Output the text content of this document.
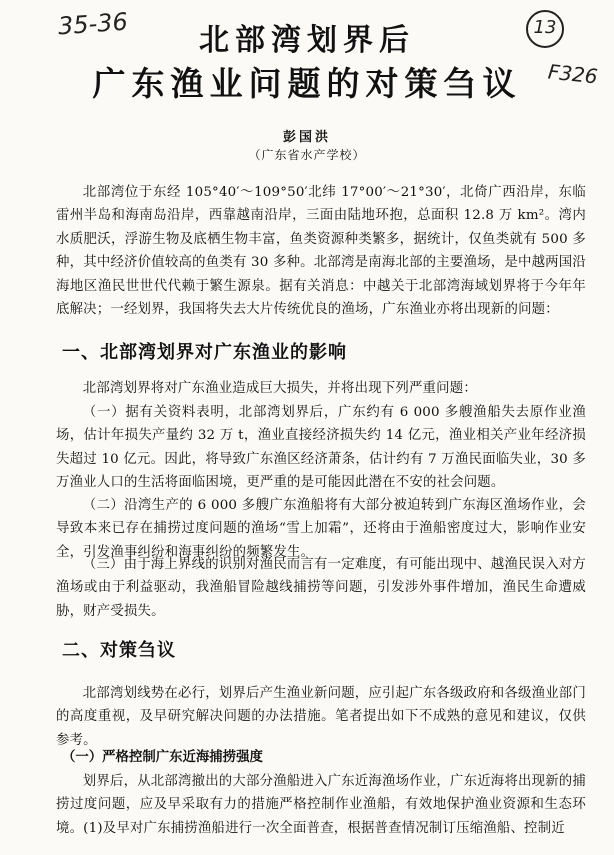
35-36	13
F326
北部湾划界后
广东渔业问题的对策刍议
彭国洪
（广东省水产学校）
北部湾位于东经 105°40′～109°50′北纬 17°00′～21°30′，北倚广西沿岸，东临雷州半岛和海南岛沿岸，西靠越南沿岸，三面由陆地环抱，总面积 12.8 万 km²。湾内水质肥沃，浮游生物及底栖生物丰富，鱼类资源种类繁多，据统计，仅鱼类就有 500 多种，其中经济价值较高的鱼类有 30 多种。北部湾是南海北部的主要渔场，是中越两国沿海地区渔民世世代代赖于繁生源泉。据有关消息：中越关于北部湾海域划界将于今年年底解决；一经划界，我国将失去大片传统优良的渔场，广东渔业亦将出现新的问题：
一、北部湾划界对广东渔业的影响
北部湾划界将对广东渔业造成巨大损失，并将出现下列严重问题：
（一）据有关资料表明，北部湾划界后，广东约有 6 000 多艘渔船失去原作业渔场，估计年损失产量约 32 万 t，渔业直接经济损失约 14 亿元，渔业相关产业年经济损失超过 10 亿元。因此，将导致广东渔区经济萧条，估计约有 7 万渔民面临失业，30 多万渔业人口的生活将面临困境，更严重的是可能因此潜在不安的社会问题。
（二）沿湾生产的 6 000 多艘广东渔船将有大部分被迫转到广东海区渔场作业，会导致本来已存在捕捞过度问题的渔场“雪上加霜”，还将由于渔船密度过大，影响作业安全，引发渔事纠纷和海事纠纷的频繁发生。
（三）由于海上界线的识别对渔民而言有一定难度，有可能出现中、越渔民误入对方渔场或由于利益驱动，我渔船冒险越线捕捞等问题，引发涉外事件增加，渔民生命遭威胁，财产受损失。
二、对策刍议
北部湾划线势在必行，划界后产生渔业新问题，应引起广东各级政府和各级渔业部门的高度重视，及早研究解决问题的办法措施。笔者提出如下不成熟的意见和建议，仅供参考。
（一）严格控制广东近海捕捞强度
划界后，从北部湾撤出的大部分渔船进入广东近海渔场作业，广东近海将出现新的捕捞过度问题，应及早采取有力的措施严格控制作业渔船，有效地保护渔业资源和生态环境。(1)及早对广东捕捞渔船进行一次全面普查，根据普查情况制订压缩渔船、控制近
